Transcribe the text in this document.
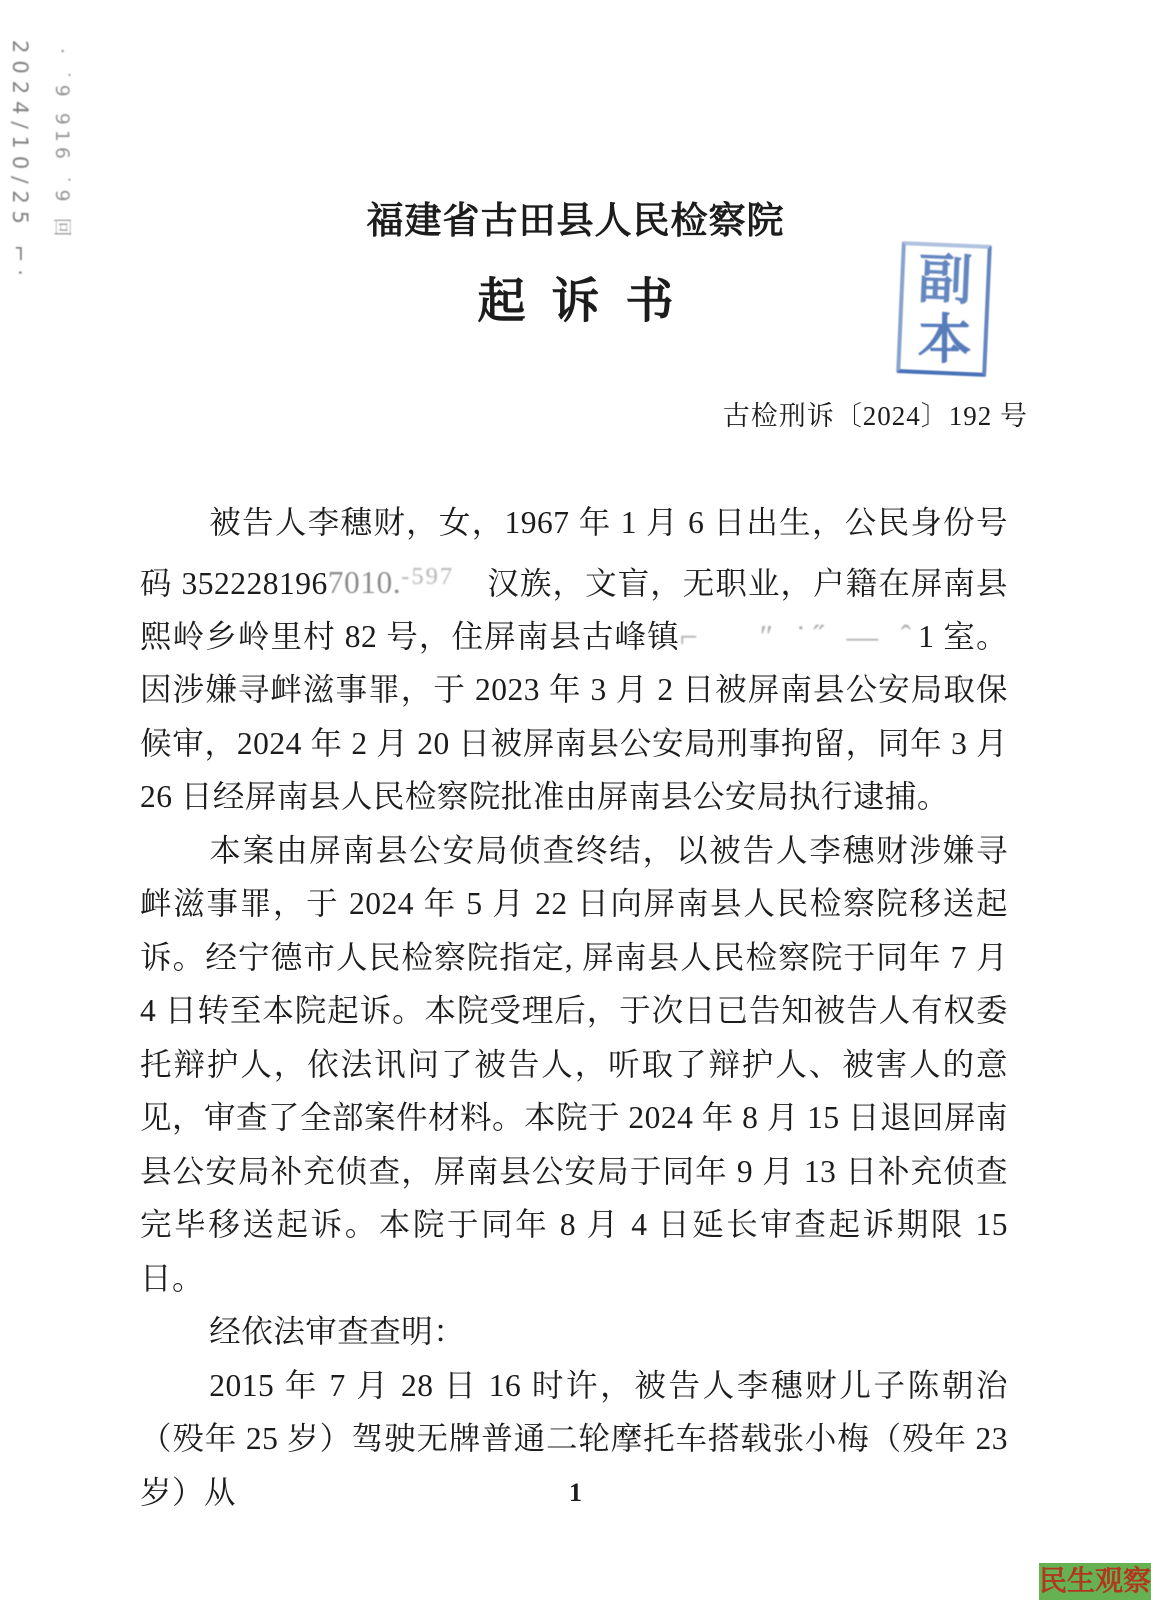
2024/10/25 ⌐· · ˙9 916 ˙9 回	福建省古田县人民检察院
起诉书	副
本
古检刑诉〔2024〕192 号

被告人李穗财，女，1967 年 1 月 6 日出生，公民身份号码 3522281967010.$^{-597}$　汉族，文盲，无职业，户籍在屏南县熙岭乡岭里村 82 号，住屏南县古峰镇⌐　 ″ ˙˝ ― ˆ1 室。因涉嫌寻衅滋事罪，于 2023 年 3 月 2 日被屏南县公安局取保候审，2024 年 2 月 20 日被屏南县公安局刑事拘留，同年 3 月 26 日经屏南县人民检察院批准由屏南县公安局执行逮捕。

本案由屏南县公安局侦查终结，以被告人李穗财涉嫌寻衅滋事罪，于 2024 年 5 月 22 日向屏南县人民检察院移送起诉。经宁德市人民检察院指定, 屏南县人民检察院于同年 7 月 4 日转至本院起诉。本院受理后，于次日已告知被告人有权委托辩护人，依法讯问了被告人，听取了辩护人、被害人的意见，审查了全部案件材料。本院于 2024 年 8 月 15 日退回屏南县公安局补充侦查，屏南县公安局于同年 9 月 13 日补充侦查完毕移送起诉。本院于同年 8 月 4 日延长审查起诉期限 15 日。

经依法审查查明：

2015 年 7 月 28 日 16 时许，被告人李穗财儿子陈朝治（殁年 25 岁）驾驶无牌普通二轮摩托车搭载张小梅（殁年 23 岁）从	1
民生观察
